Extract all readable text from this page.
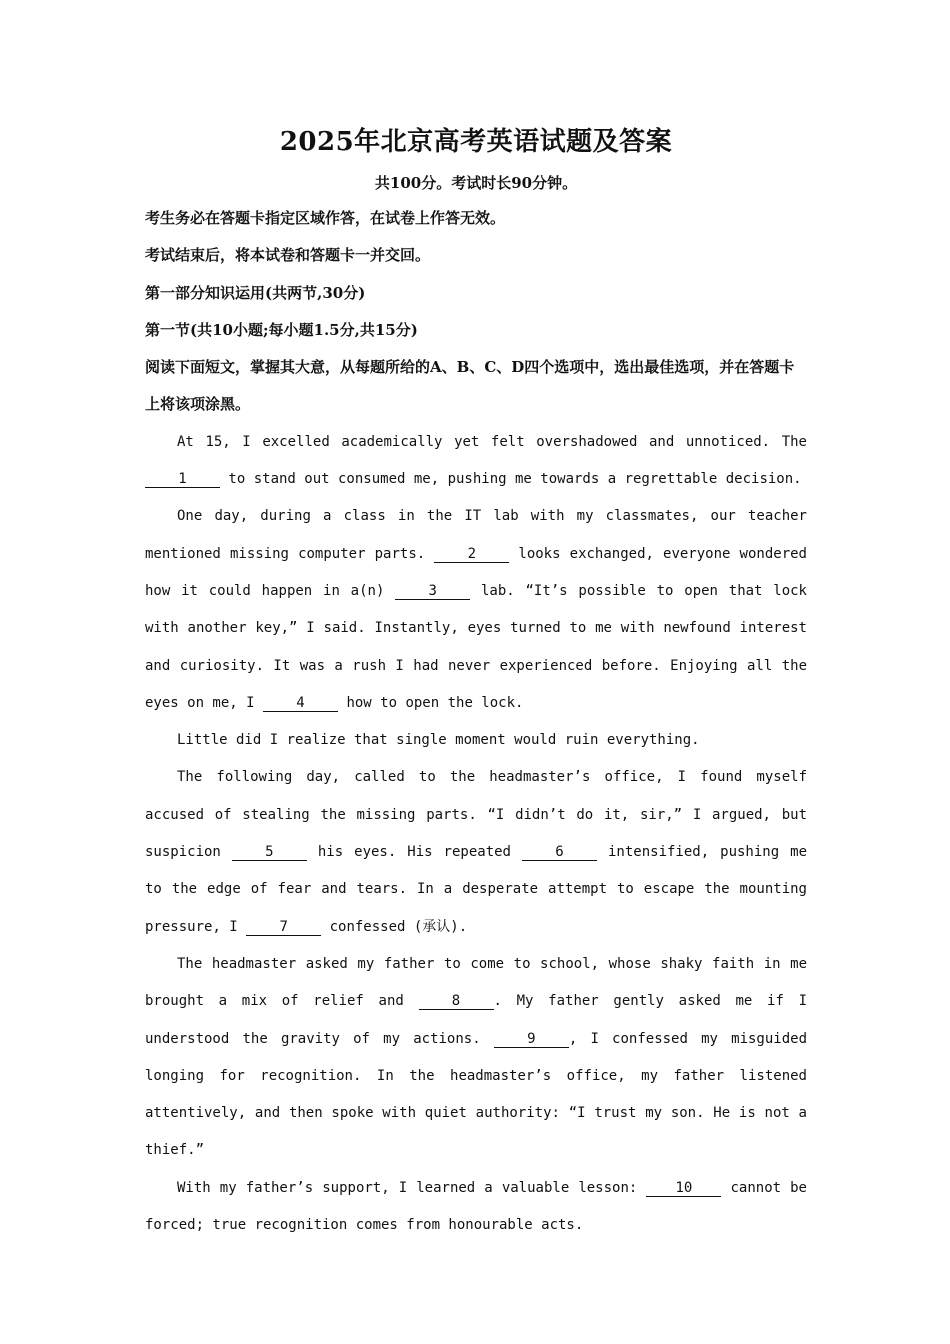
2025年北京高考英语试题及答案
共100分。考试时长90分钟。
考生务必在答题卡指定区域作答，在试卷上作答无效。
考试结束后，将本试卷和答题卡一并交回。
第一部分知识运用(共两节,30分)
第一节(共10小题;每小题1.5分,共15分)
阅读下面短文，掌握其大意，从每题所给的A、B、C、D四个选项中，选出最佳选项，并在答题卡上将该项涂黑。

At 15, I excelled academically yet felt overshadowed and unnoticed. The 1 to stand out consumed me, pushing me towards a regrettable decision.

One day, during a class in the IT lab with my classmates, our teacher mentioned missing computer parts. 2 looks exchanged, everyone wondered how it could happen in a(n) 3 lab. “It’s possible to open that lock with another key,” I said. Instantly, eyes turned to me with newfound interest and curiosity. It was a rush I had never experienced before. Enjoying all the eyes on me, I 4 how to open the lock.

Little did I realize that single moment would ruin everything.

The following day, called to the headmaster’s office, I found myself accused of stealing the missing parts. “I didn’t do it, sir,” I argued, but suspicion 5 his eyes. His repeated 6 intensified, pushing me to the edge of fear and tears. In a desperate attempt to escape the mounting pressure, I 7 confessed (承认).

The headmaster asked my father to come to school, whose shaky faith in me brought a mix of relief and 8 . My father gently asked me if I understood the gravity of my actions. 9 , I confessed my misguided longing for recognition. In the headmaster’s office, my father listened attentively, and then spoke with quiet authority: “I trust my son. He is not a thief.”

With my father’s support, I learned a valuable lesson: 10 cannot be forced; true recognition comes from honourable acts.
